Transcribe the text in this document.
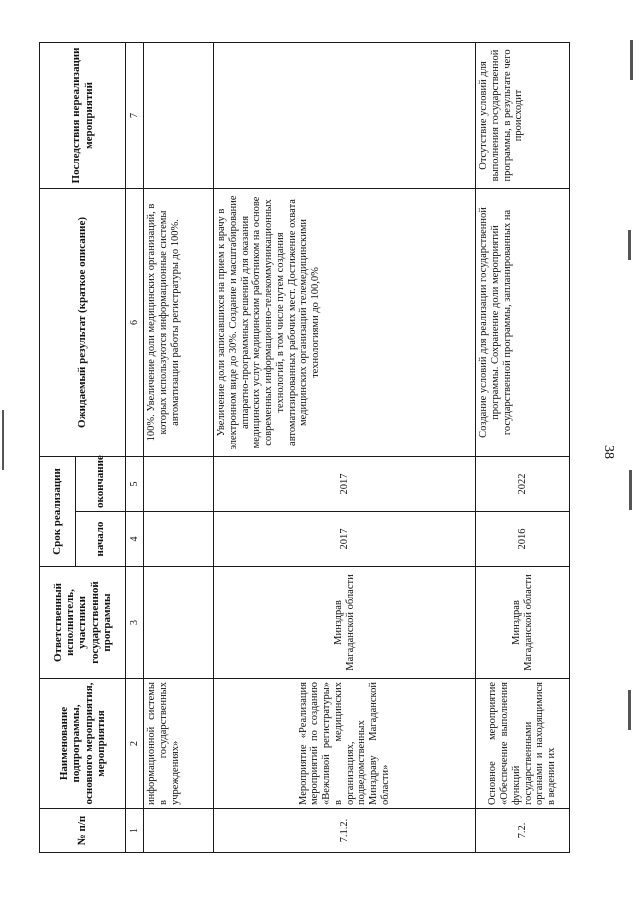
38
№ п/п	Наименование подпрограммы, основного мероприятия, мероприятия	Ответственный исполнитель, участники государственной программы	Срок реализации		Ожидаемый результат (краткое описание)	Последствия нереализации мероприятий
			начало	окончание		
1	2	3	4	5	6	7
	информационной системы в государственных учреждениях»				100%. Увеличение доли медицинских организаций, в которых используются информационные системы автоматизации работы регистратуры до 100%.	
7.1.2.	Мероприятие «Реализация мероприятий по созданию «Вежливой регистратуры» в медицинских организациях, подведомственных Минздраву Магаданской области»	Минздрав Магаданской области	2017	2017	Увеличение доли записавшихся на прием к врачу в электронном виде до 30%. Создание и масштабирование аппаратно-программных решений для оказания медицинских услуг медицинским работником на основе современных информационно-телекоммуникационных технологий, в том числе путем создания автоматизированных рабочих мест. Достижение охвата медицинских организаций телемедицинскими технологиями до 100,0%	
7.2.	Основное мероприятие «Обеспечение выполнения функций государственными органами и находящимися в ведении их	Минздрав Магаданской области	2016	2022	Создание условий для реализации государственной программы. Сохранение доли мероприятий государственной программы, запланированных на	Отсутствие условий для выполнения государственной программы, в результате чего происходит
